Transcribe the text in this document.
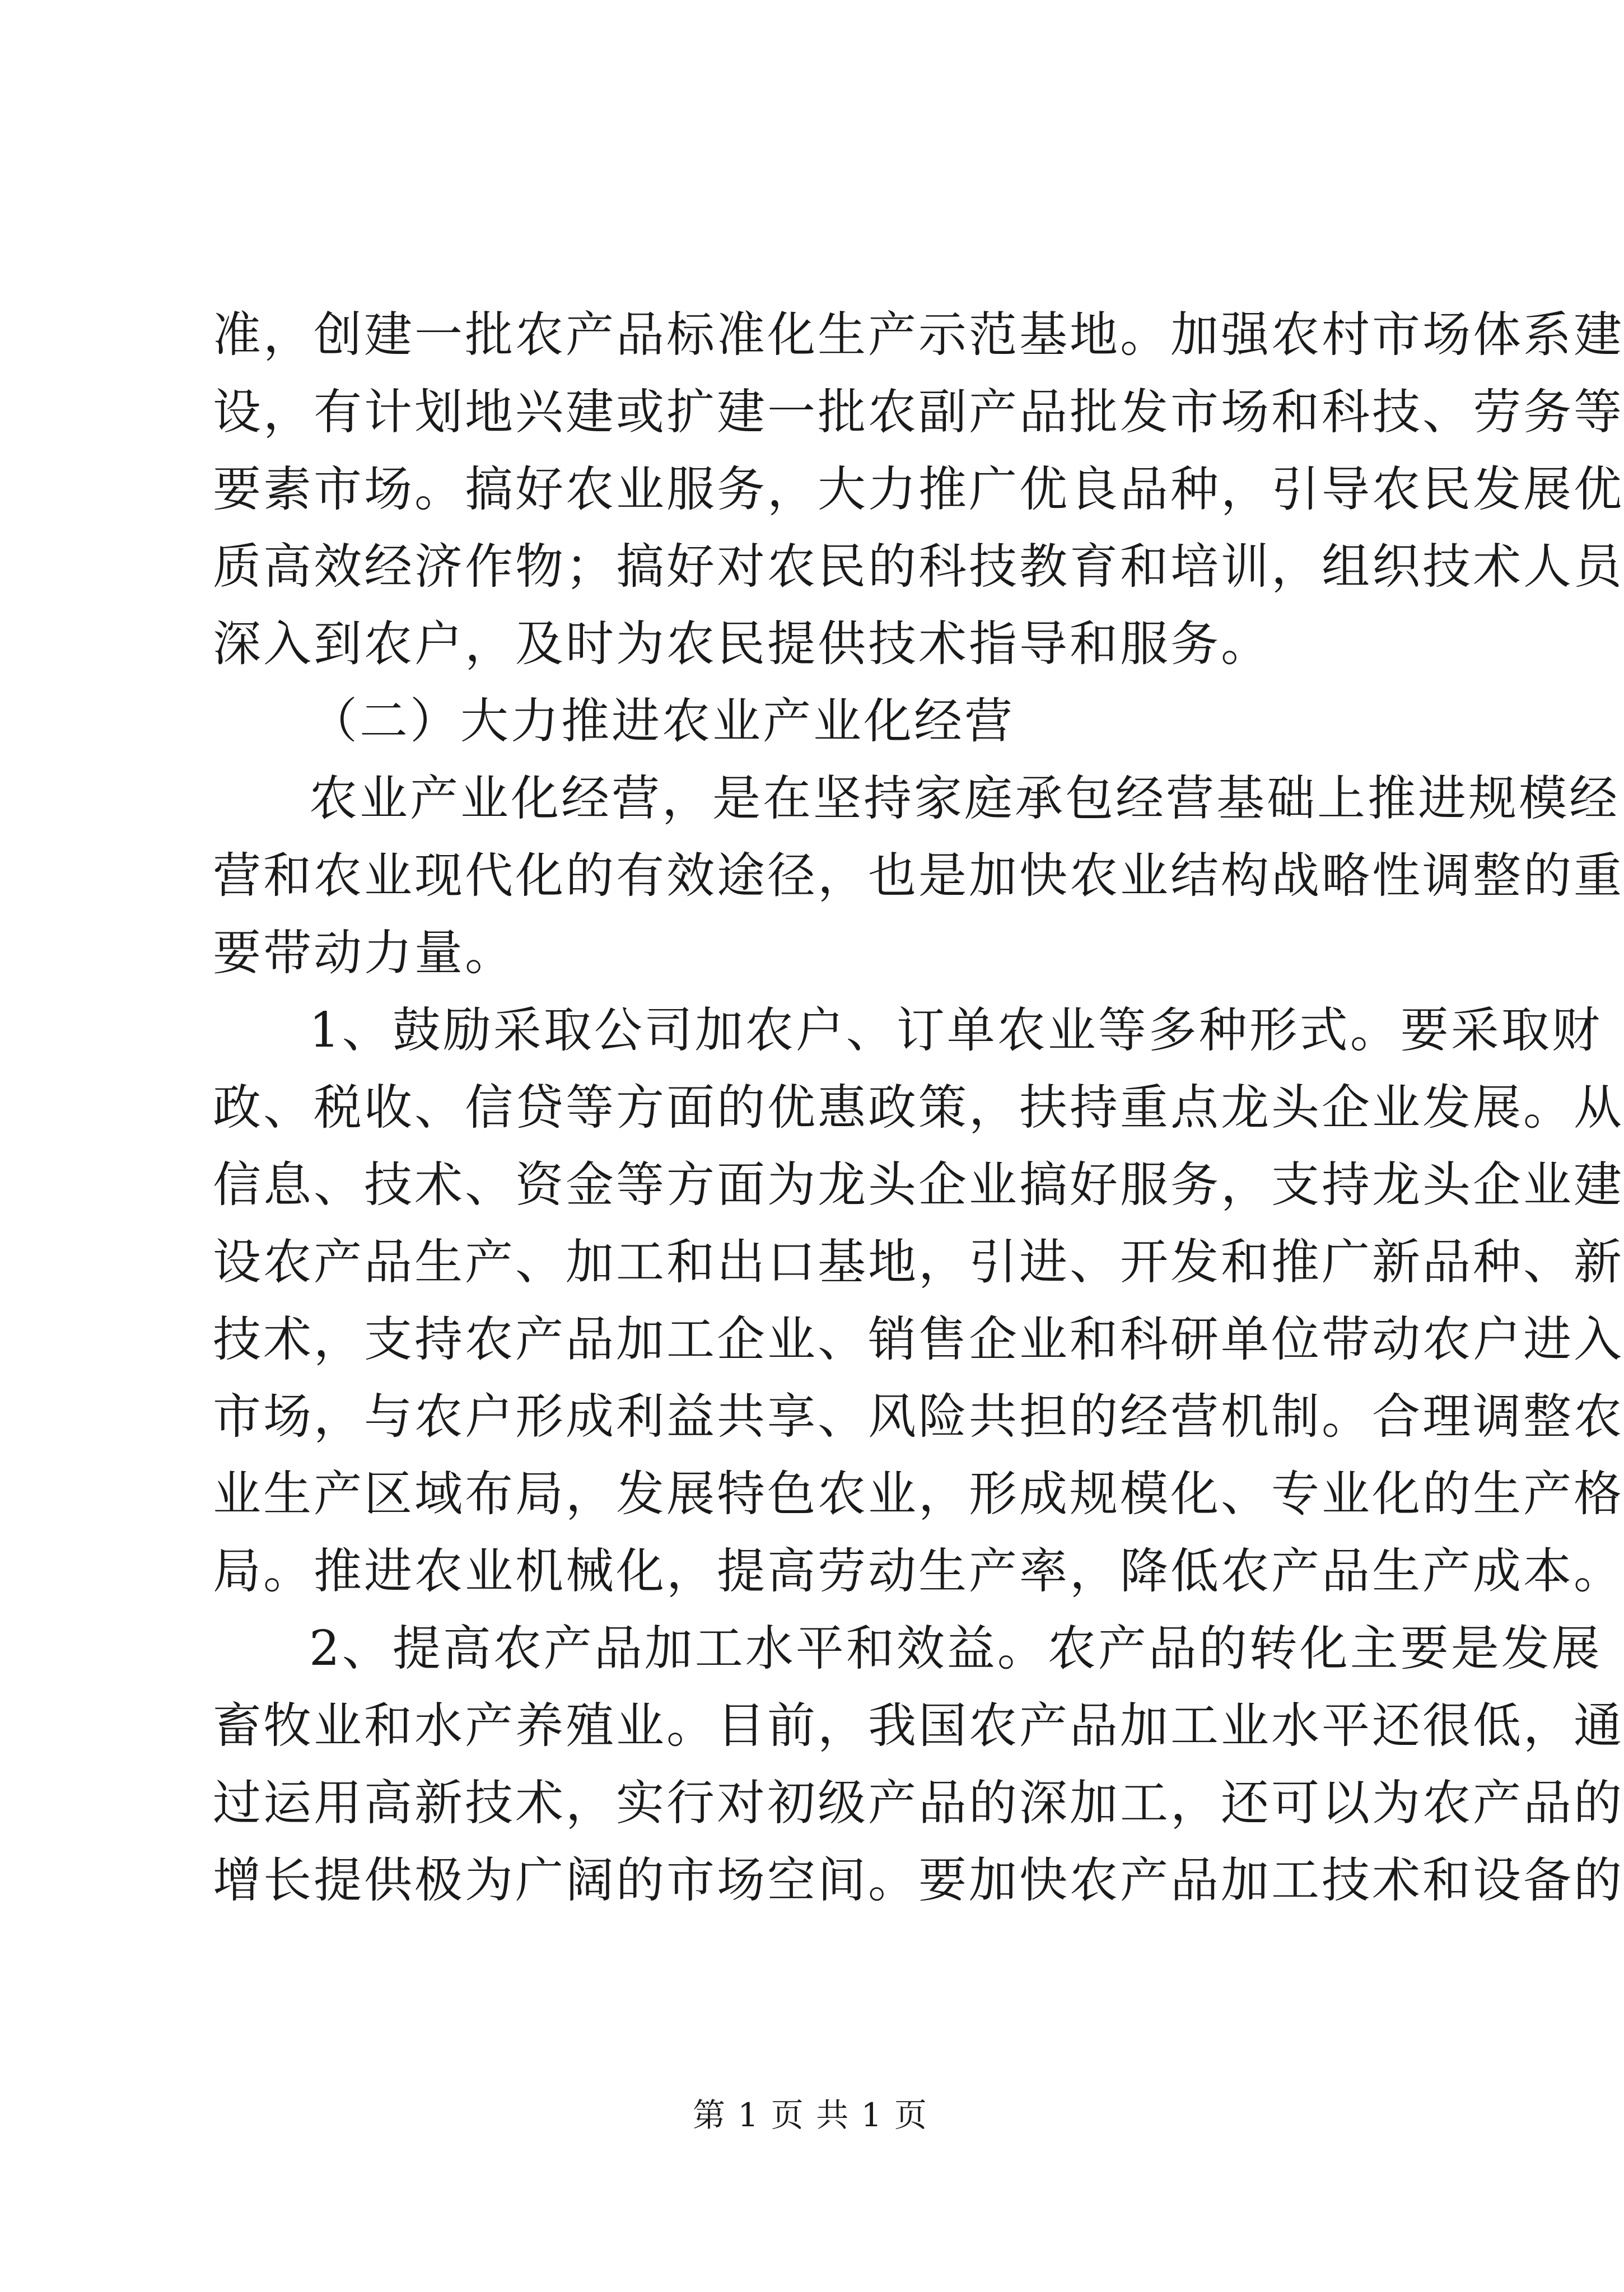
准，创建一批农产品标准化生产示范基地。加强农村市场体系建
设，有计划地兴建或扩建一批农副产品批发市场和科技、劳务等
要素市场。搞好农业服务，大力推广优良品种，引导农民发展优
质高效经济作物；搞好对农民的科技教育和培训，组织技术人员
深入到农户，及时为农民提供技术指导和服务。
（二）大力推进农业产业化经营
农业产业化经营，是在坚持家庭承包经营基础上推进规模经
营和农业现代化的有效途径，也是加快农业结构战略性调整的重
要带动力量。
1、鼓励采取公司加农户、订单农业等多种形式。要采取财
政、税收、信贷等方面的优惠政策，扶持重点龙头企业发展。从
信息、技术、资金等方面为龙头企业搞好服务，支持龙头企业建
设农产品生产、加工和出口基地，引进、开发和推广新品种、新
技术，支持农产品加工企业、销售企业和科研单位带动农户进入
市场，与农户形成利益共享、风险共担的经营机制。合理调整农
业生产区域布局，发展特色农业，形成规模化、专业化的生产格
局。推进农业机械化，提高劳动生产率，降低农产品生产成本。
2、提高农产品加工水平和效益。农产品的转化主要是发展
畜牧业和水产养殖业。目前，我国农产品加工业水平还很低，通
过运用高新技术，实行对初级产品的深加工，还可以为农产品的
增长提供极为广阔的市场空间。要加快农产品加工技术和设备的
第 1 页 共 1 页
